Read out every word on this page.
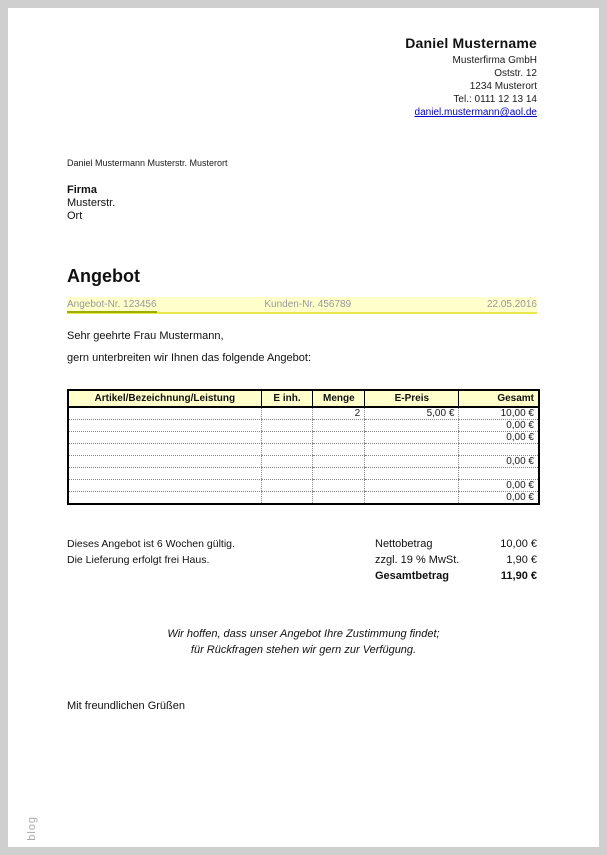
Daniel Mustername
Musterfirma GmbH
Oststr. 12
1234 Musterort
Tel.: 0111 12 13 14
daniel.mustermann@aol.de
Daniel Mustermann Musterstr. Musterort
Firma
Musterstr.
Ort
Angebot
Angebot-Nr. 123456	Kunden-Nr. 456789	22.05.2016
Sehr geehrte Frau Mustermann,
gern unterbreiten wir Ihnen das folgende Angebot:
Artikel/Bezeichnung/Leistung	E inh.	Menge	E-Preis	Gesamt
		2	5,00 €	10,00 €
				0,00 €
				0,00 €

				0,00 €

				0,00 €
				0,00 €
Dieses Angebot ist 6 Wochen gültig.
Die Lieferung erfolgt frei Haus.
Nettobetrag	10,00 €
zzgl. 19 % MwSt.	1,90 €
Gesamtbetrag	11,90 €
Wir hoffen, dass unser Angebot Ihre Zustimmung findet;
für Rückfragen stehen wir gern zur Verfügung.
Mit freundlichen Grüßen
blog
